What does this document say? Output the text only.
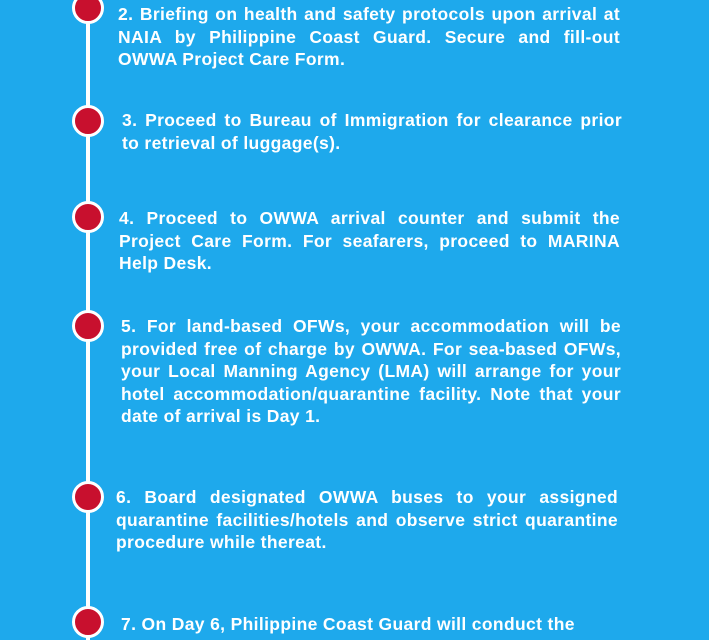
2. Briefing on health and safety protocols upon arrival at NAIA by Philippine Coast Guard. Secure and fill-out OWWA Project Care Form.
3. Proceed to Bureau of Immigration for clearance prior to retrieval of luggage(s).
4. Proceed to OWWA arrival counter and submit the Project Care Form. For seafarers, proceed to MARINA Help Desk.
5. For land-based OFWs, your accommodation will be provided free of charge by OWWA. For sea-based OFWs, your Local Manning Agency (LMA) will arrange for your hotel accommodation/quarantine facility. Note that your date of arrival is Day 1.
6. Board designated OWWA buses to your assigned quarantine facilities/hotels and observe strict quarantine procedure while thereat.
7. On Day 6, Philippine Coast Guard will conduct the
